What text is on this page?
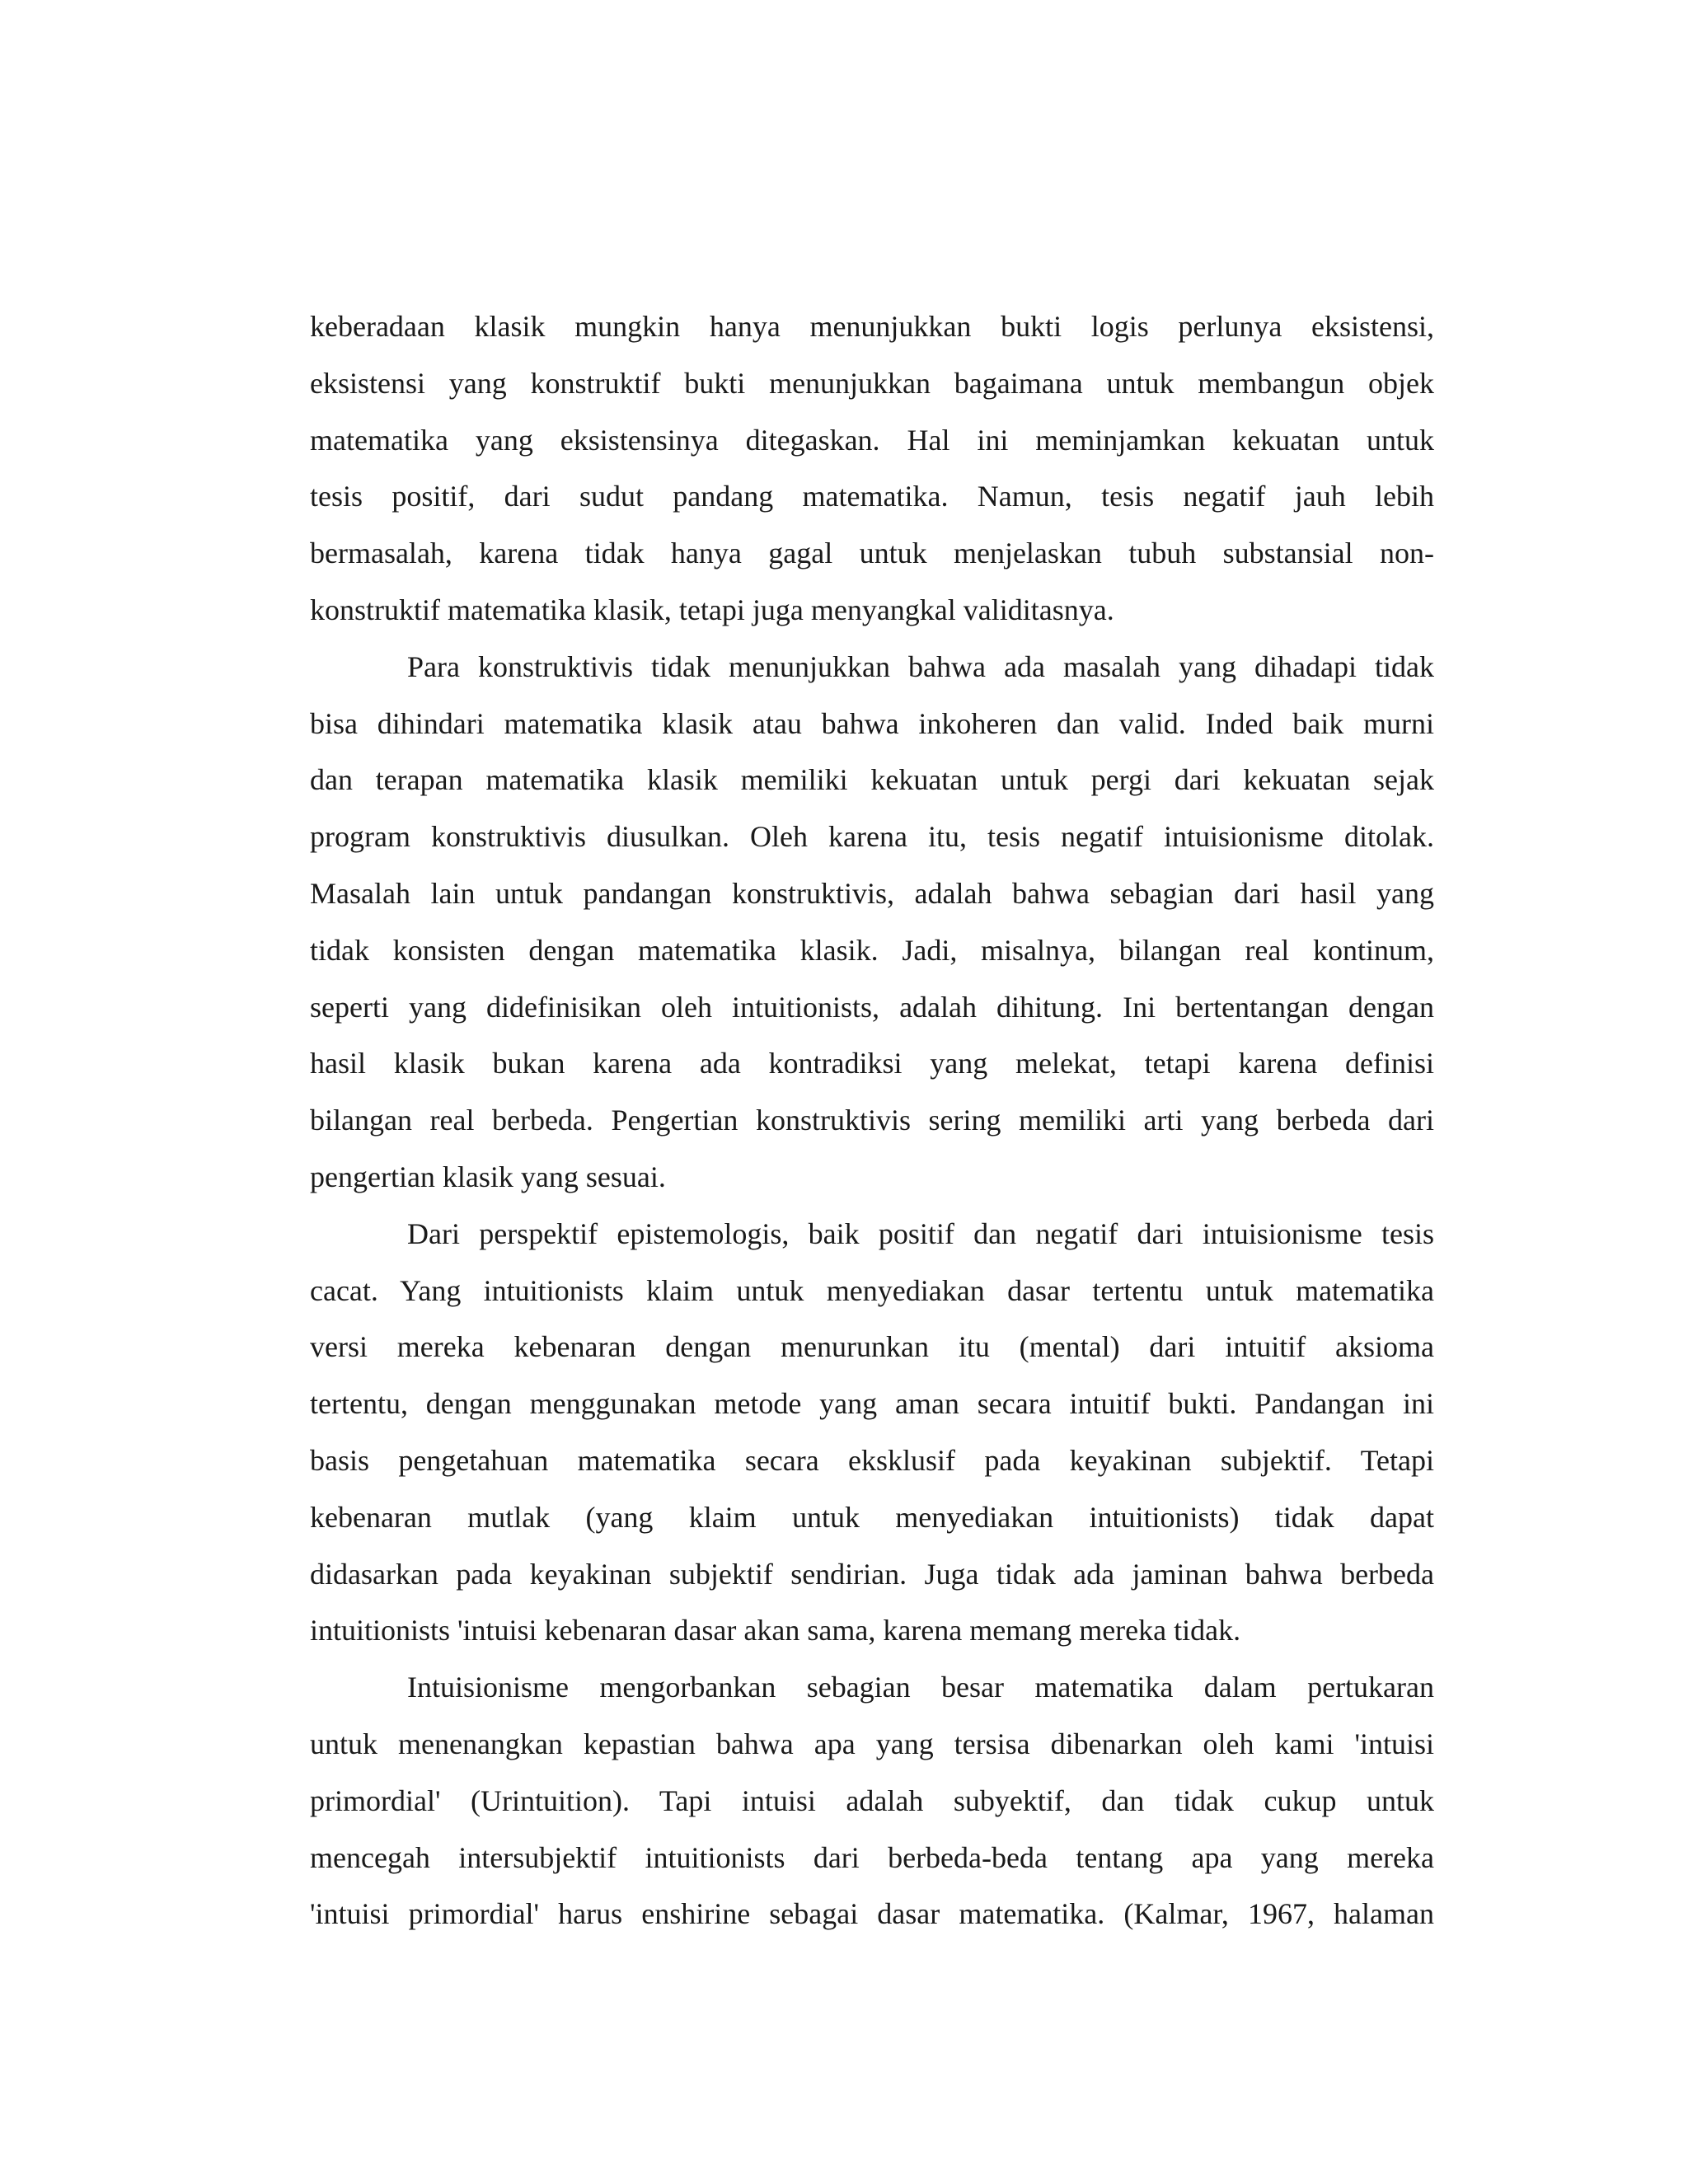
keberadaan klasik mungkin hanya menunjukkan bukti logis perlunya eksistensi,
eksistensi yang konstruktif bukti menunjukkan bagaimana untuk membangun objek
matematika yang eksistensinya ditegaskan. Hal ini meminjamkan kekuatan untuk
tesis positif, dari sudut pandang matematika. Namun, tesis negatif jauh lebih
bermasalah, karena tidak hanya gagal untuk menjelaskan tubuh substansial non-
konstruktif matematika klasik, tetapi juga menyangkal validitasnya.
Para konstruktivis tidak menunjukkan bahwa ada masalah yang dihadapi tidak
bisa dihindari matematika klasik atau bahwa inkoheren dan valid. Inded baik murni
dan terapan matematika klasik memiliki kekuatan untuk pergi dari kekuatan sejak
program konstruktivis diusulkan. Oleh karena itu, tesis negatif intuisionisme ditolak.
Masalah lain untuk pandangan konstruktivis, adalah bahwa sebagian dari hasil yang
tidak konsisten dengan matematika klasik. Jadi, misalnya, bilangan real kontinum,
seperti yang didefinisikan oleh intuitionists, adalah dihitung. Ini bertentangan dengan
hasil klasik bukan karena ada kontradiksi yang melekat, tetapi karena definisi
bilangan real berbeda. Pengertian konstruktivis sering memiliki arti yang berbeda dari
pengertian klasik yang sesuai.
Dari perspektif epistemologis, baik positif dan negatif dari intuisionisme tesis
cacat. Yang intuitionists klaim untuk menyediakan dasar tertentu untuk matematika
versi mereka kebenaran dengan menurunkan itu (mental) dari intuitif aksioma
tertentu, dengan menggunakan metode yang aman secara intuitif bukti. Pandangan ini
basis pengetahuan matematika secara eksklusif pada keyakinan subjektif. Tetapi
kebenaran mutlak (yang klaim untuk menyediakan intuitionists) tidak dapat
didasarkan pada keyakinan subjektif sendirian. Juga tidak ada jaminan bahwa berbeda
intuitionists 'intuisi kebenaran dasar akan sama, karena memang mereka tidak.
Intuisionisme mengorbankan sebagian besar matematika dalam pertukaran
untuk menenangkan kepastian bahwa apa yang tersisa dibenarkan oleh kami 'intuisi
primordial' (Urintuition). Tapi intuisi adalah subyektif, dan tidak cukup untuk
mencegah intersubjektif intuitionists dari berbeda-beda tentang apa yang mereka
'intuisi primordial' harus enshirine sebagai dasar matematika. (Kalmar, 1967, halaman
